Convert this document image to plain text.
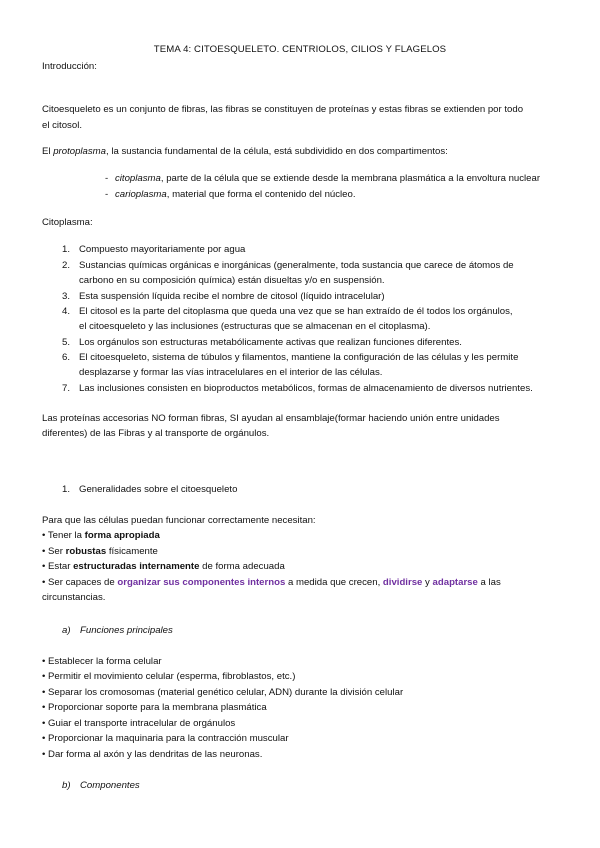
TEMA 4: CITOESQUELETO. CENTRIOLOS, CILIOS Y FLAGELOS
Introducción:
Citoesqueleto es un conjunto de fibras, las fibras se constituyen de proteínas y estas fibras se extienden por todo
el citosol.
El protoplasma, la sustancia fundamental de la célula, está subdividido en dos compartimentos:
- citoplasma, parte de la célula que se extiende desde la membrana plasmática a la envoltura nuclear
- carioplasma, material que forma el contenido del núcleo.
Citoplasma:
1. Compuesto mayoritariamente por agua
2. Sustancias químicas orgánicas e inorgánicas (generalmente, toda sustancia que carece de átomos de
carbono en su composición química) están disueltas y/o en suspensión.
3. Esta suspensión líquida recibe el nombre de citosol (líquido intracelular)
4. El citosol es la parte del citoplasma que queda una vez que se han extraído de él todos los orgánulos,
el citoesqueleto y las inclusiones (estructuras que se almacenan en el citoplasma).
5. Los orgánulos son estructuras metabólicamente activas que realizan funciones diferentes.
6. El citoesqueleto, sistema de túbulos y filamentos, mantiene la configuración de las células y les permite
desplazarse y formar las vías intracelulares en el interior de las células.
7. Las inclusiones consisten en bioproductos metabólicos, formas de almacenamiento de diversos nutrientes.
Las proteínas accesorias NO forman fibras, SI ayudan al ensamblaje(formar haciendo unión entre unidades
diferentes) de las Fibras y al transporte de orgánulos.
1. Generalidades sobre el citoesqueleto
Para que las células puedan funcionar correctamente necesitan:
• Tener la forma apropiada
• Ser robustas físicamente
• Estar estructuradas internamente de forma adecuada
• Ser capaces de organizar sus componentes internos a medida que crecen, dividirse y adaptarse a las
circunstancias.
a) Funciones principales
• Establecer la forma celular
• Permitir el movimiento celular (esperma, fibroblastos, etc.)
• Separar los cromosomas (material genético celular, ADN) durante la división celular
• Proporcionar soporte para la membrana plasmática
• Guiar el transporte intracelular de orgánulos
• Proporcionar la maquinaria para la contracción muscular
• Dar forma al axón y las dendritas de las neuronas.
b) Componentes
